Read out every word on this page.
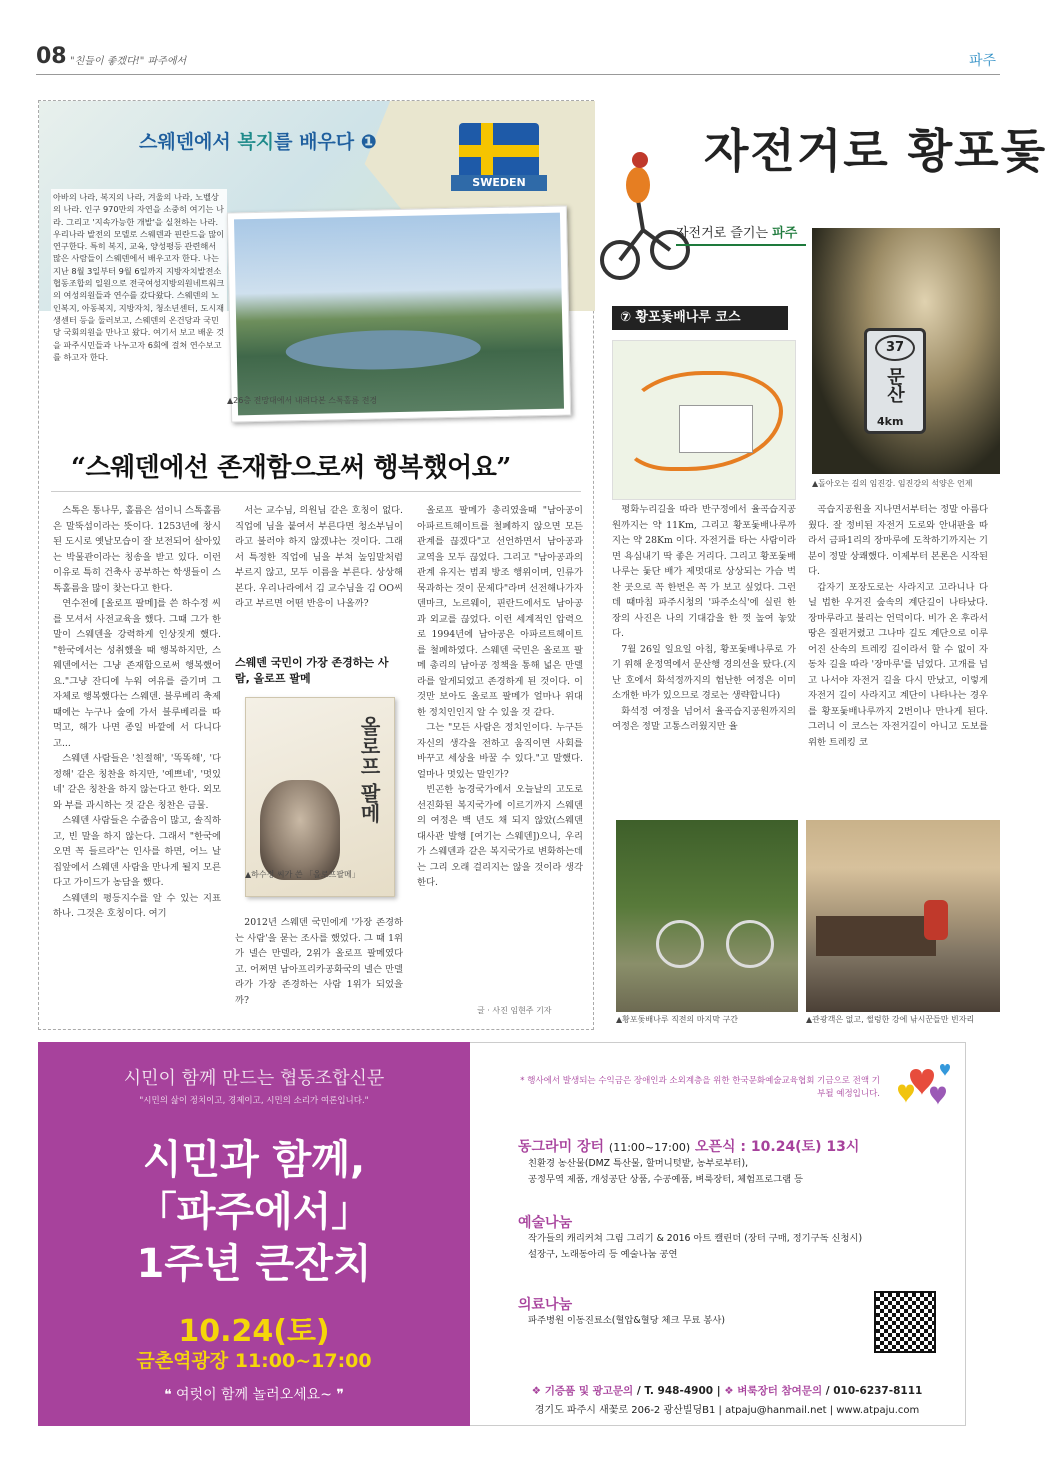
08 "친들이 좋겠다!" 파주에서	파주
스웨덴에서 복지를 배우다 ❶
SWEDEN
아바의 나라, 복지의 나라, 겨울의 나라, 노벨상의 나라. 인구 970만의 자연을 소중히 여기는 나라. 그리고 '지속가능한 개발'을 실천하는 나라. 우리나라 발전의 모델로 스웨덴과 핀란드을 많이 연구한다. 특히 복지, 교육, 양성평등 관련해서 많은 사람들이 스웨덴에서 배우고자 한다. 나는 지난 8월 3일부터 9월 6일까지 지방자치발전소협동조합의 일원으로 전국여성지방의원네트워크의 여성의원들과 연수를 갔다왔다. 스웨덴의 노인복지, 아동복지, 지방자치, 청소년센터, 도시재생센터 등을 둘러보고, 스웨덴의 온건당과 국민당 국회의원을 만나고 왔다. 여기서 보고 배운 것을 파주시민들과 나누고자 6회에 걸쳐 연수보고를 하고자 한다.
▲26층 전망대에서 내려다본 스톡홀름 전경
“스웨덴에선 존재함으로써 행복했어요”

스톡은 통나무, 홀름은 섬이니 스톡홀름은 말뚝섬이라는 뜻이다. 1253년에 창시된 도시로 옛날모습이 잘 보전되어 살아있는 박물관이라는 칭송을 받고 있다. 이런 이유로 특히 건축사 공부하는 학생들이 스톡홀름을 많이 찾는다고 한다.

연수전에 [올로프 팔메]를 쓴 하수정 씨를 모셔서 사전교육을 했다. 그때 그가 한 말이 스웨덴을 강력하게 인상짓게 했다. "한국에서는 성취했을 때 행복하지만, 스웨덴에서는 그냥 존재함으로써 행복했어요."그냥 잔디에 누워 여유를 즐기며 그 자체로 행복했다는 스웨덴. 블루베리 축제 때에는 누구나 숲에 가서 블루베리를 따 먹고, 해가 나면 종일 바깥에 서 다니다고...

스웨덴 사람들은 '친절해', '똑똑해', '다정해' 같은 칭찬을 하지만, '예쁘네', '멋있네' 같은 칭찬을 하지 않는다고 한다. 외모와 부를 과시하는 것 같은 칭찬은 금물.

스웨덴 사람들은 수줍음이 많고, 솔직하고, 빈 말을 하지 않는다. 그래서 "한국에 오면 꼭 들르라"는 인사를 하면, 어느 날 집앞에서 스웨덴 사람을 만나게 될지 모른다고 가이드가 농담을 했다.

스웨덴의 평등지수를 알 수 있는 지표 하나. 그것은 호칭이다. 여기

서는 교수님, 의원님 같은 호칭이 없다. 직업에 님을 붙여서 부른다면 청소부님이라고 불러야 하지 않겠냐는 것이다. 그래서 특정한 직업에 님을 부쳐 높임말처럼 부르지 않고, 모두 이름을 부른다. 상상해본다. 우리나라에서 김 교수님을 김 OO씨라고 부르면 어떤 반응이 나올까?

스웨덴 국민이 가장 존경하는 사람, 올로프 팔메
올로프 팔메
▲하수정 씨가 쓴 「올로프팔메」

2012년 스웨덴 국민에게 '가장 존경하는 사람'을 묻는 조사를 했었다. 그 때 1위가 넬슨 만델라, 2위가 올로프 팔메였다고. 어쩌면 남아프리카공화국의 넬슨 만델라가 가장 존경하는 사람 1위가 되었을까?

올로프 팔메가 총리였을때 "남아공이 아파르트헤이트를 철폐하지 않으면 모든 관계를 끊겠다"고 선언하면서 남아공과 교역을 모두 끊었다. 그리고 "남아공과의 관계 유지는 범죄 방조 행위이며, 인류가 묵과하는 것이 문제다"라며 선전해나가자 덴마크, 노르웨이, 핀란드에서도 남아공과 외교를 끊었다. 이런 세계적인 압력으로 1994년에 남아공은 아파르트헤이트를 철폐하였다. 스웨덴 국민은 올로프 팔메 총리의 남아공 정책을 통해 넓은 만델라를 알게되었고 존경하게 된 것이다. 이것만 보아도 올로프 팔메가 얼마나 위대한 정치인인지 알 수 있을 것 같다.

그는 "모든 사람은 정치인이다. 누구든 자신의 생각을 전하고 움직이면 사회를 바꾸고 세상을 바꿀 수 있다."고 말했다. 얼마나 멋있는 말인가?

빈곤한 농경국가에서 오늘날의 고도로 선진화된 복지국가에 이르기까지 스웨덴의 여정은 백 년도 채 되지 않았(스웨덴 대사관 발행 [여기는 스웨덴])으니, 우리가 스웨덴과 같은 복지국가로 변화하는데는 그리 오래 걸리지는 않을 것이라 생각한다.

글 · 사진 임현주 기자
자전거로 황포돛
자전거로 즐기는 파주
⑦ 황포돛배나루 코스
37
문산
4km
▲돌아오는 길의 임진강. 임진강의 석양은 언제

평화누리길을 따라 반구정에서 율곡습지공원까지는 약 11Km, 그리고 황포돛배나루까지는 약 28Km 이다. 자전거를 타는 사람이라면 욕심내기 딱 좋은 거리다. 그리고 황포돛배나루는 돛단 배가 제멋대로 상상되는 가슴 벅찬 곳으로 꼭 한번은 꼭 가 보고 싶었다. 그런데 때마침 파주시청의 '파주소식'에 실린 한 장의 사진은 나의 기대감을 한 껏 높여 놓았다.

7월 26일 일요일 아침, 황포돛배나루로 가기 위해 운정역에서 문산행 경의선을 탔다.(지난 호에서 화석정까지의 험난한 여정은 이미 소개한 바가 있으므로 경로는 생략합니다)

화석정 여정을 넘어서 율곡습지공원까지의 여정은 정말 고통스러웠지만 율

곡습지공원을 지나면서부터는 정말 아름다웠다. 잘 정비된 자전거 도로와 안내판을 따라서 금파1리의 장마루에 도착하기까지는 기분이 정말 상쾌했다. 이제부터 본론은 시작된다.

갑자기 포장도로는 사라지고 고라니나 다닐 법한 우거진 숲속의 계단길이 나타났다. 장마루라고 불리는 언덕이다. 비가 온 후라서 땅은 질펀거렸고 그나마 길도 계단으로 이루어진 산속의 트레킹 길이라서 할 수 없이 자동차 길을 따라 '장마루'를 넘었다. 고개를 넘고 나서야 자전거 길을 다시 만났고, 이렇게 자전거 길이 사라지고 계단이 나타나는 경우를 황포돛배나루까지 2번이나 만나게 된다. 그러니 이 코스는 자전거길이 아니고 도보를 위한 트레킹 코

▲황포돛배나루 직전의 마지막 구간	▲관광객은 없고, 썰렁한 강에 낚시꾼들만 빈자리
시민이 함께 만드는 협동조합신문
"시민의 삶이 정치이고, 경제이고, 시민의 소리가 여론입니다."
시민과 함께,
「파주에서」
1주년 큰잔치
10.24(토)
금촌역광장 11:00~17:00
❝ 여럿이 함께 놀러오세요~ ❞
* 행사에서 발생되는 수익금은 장애인과 소외계층을 위한 한국문화예술교육협회 기금으로 전액 기부될 예정입니다.
동그라미 장터 (11:00~17:00) 오픈식 : 10.24(토) 13시
친환경 농산물(DMZ 특산물, 할머니텃밭, 농부로부터),
공정무역 제품, 개성공단 상품, 수공예품, 벼룩장터, 체험프로그램 등
예술나눔
작가들의 캐리커쳐 그림 그리기 & 2016 아트 캘린더 (장터 구매, 정기구독 신청시)
설장구, 노래동아리 등 예술나눔 공연
의료나눔
파주병원 이동진료소(혈압&혈당 체크 무료 봉사)
❖ 기증품 및 광고문의 / T. 948-4900 | ❖ 벼룩장터 참여문의 / 010-6237-8111
경기도 파주시 새꽃로 206-2 광산빌딩B1 | atpaju@hanmail.net | www.atpaju.com
